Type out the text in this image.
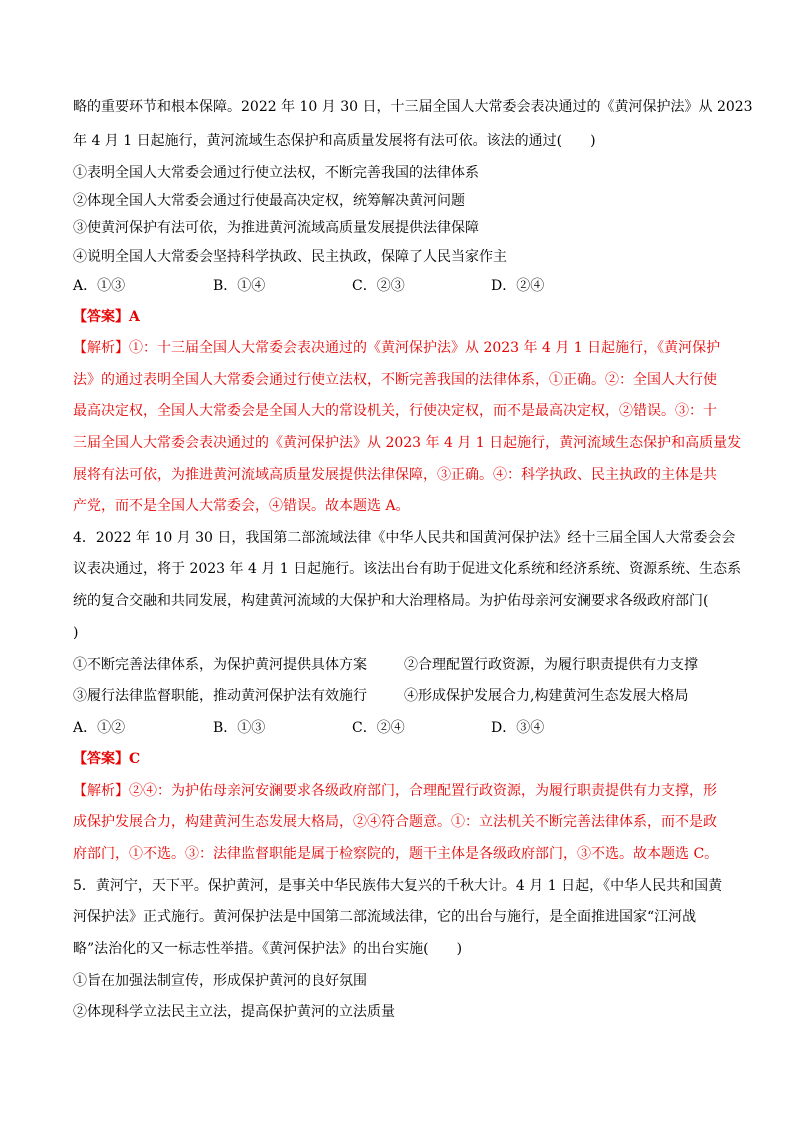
略的重要环节和根本保障。2022 年 10 月 30 日，十三届全国人大常委会表决通过的《黄河保护法》从 2023
年 4 月 1 日起施行，黄河流域生态保护和高质量发展将有法可依。该法的通过(　　)
①表明全国人大常委会通过行使立法权，不断完善我国的法律体系
②体现全国人大常委会通过行使最高决定权，统筹解决黄河问题
③使黄河保护有法可依，为推进黄河流域高质量发展提供法律保障
④说明全国人大常委会坚持科学执政、民主执政，保障了人民当家作主
A．①③	B．①④	C．②③	D．②④
【答案】A
【解析】①：十三届全国人大常委会表决通过的《黄河保护法》从 2023 年 4 月 1 日起施行，《黄河保护
法》的通过表明全国人大常委会通过行使立法权，不断完善我国的法律体系，①正确。②：全国人大行使
最高决定权，全国人大常委会是全国人大的常设机关，行使决定权，而不是最高决定权，②错误。③：十
三届全国人大常委会表决通过的《黄河保护法》从 2023 年 4 月 1 日起施行，黄河流域生态保护和高质量发
展将有法可依，为推进黄河流域高质量发展提供法律保障，③正确。④：科学执政、民主执政的主体是共
产党，而不是全国人大常委会，④错误。故本题选 A。
4．2022 年 10 月 30 日，我国第二部流域法律《中华人民共和国黄河保护法》经十三届全国人大常委会会
议表决通过，将于 2023 年 4 月 1 日起施行。该法出台有助于促进文化系统和经济系统、资源系统、生态系
统的复合交融和共同发展，构建黄河流域的大保护和大治理格局。为护佑母亲河安澜要求各级政府部门(
)
①不断完善法律体系，为保护黄河提供具体方案	②合理配置行政资源，为履行职责提供有力支撑
③履行法律监督职能，推动黄河保护法有效施行	④形成保护发展合力,构建黄河生态发展大格局
A．①②	B．①③	C．②④	D．③④
【答案】C
【解析】②④：为护佑母亲河安澜要求各级政府部门，合理配置行政资源，为履行职责提供有力支撑，形
成保护发展合力，构建黄河生态发展大格局，②④符合题意。①：立法机关不断完善法律体系，而不是政
府部门，①不选。③：法律监督职能是属于检察院的，题干主体是各级政府部门，③不选。故本题选 C。
5．黄河宁，天下平。保护黄河，是事关中华民族伟大复兴的千秋大计。4 月 1 日起，《中华人民共和国黄
河保护法》正式施行。黄河保护法是中国第二部流域法律，它的出台与施行，是全面推进国家“江河战
略”法治化的又一标志性举措。《黄河保护法》的出台实施(　　)
①旨在加强法制宣传，形成保护黄河的良好氛围
②体现科学立法民主立法，提高保护黄河的立法质量
